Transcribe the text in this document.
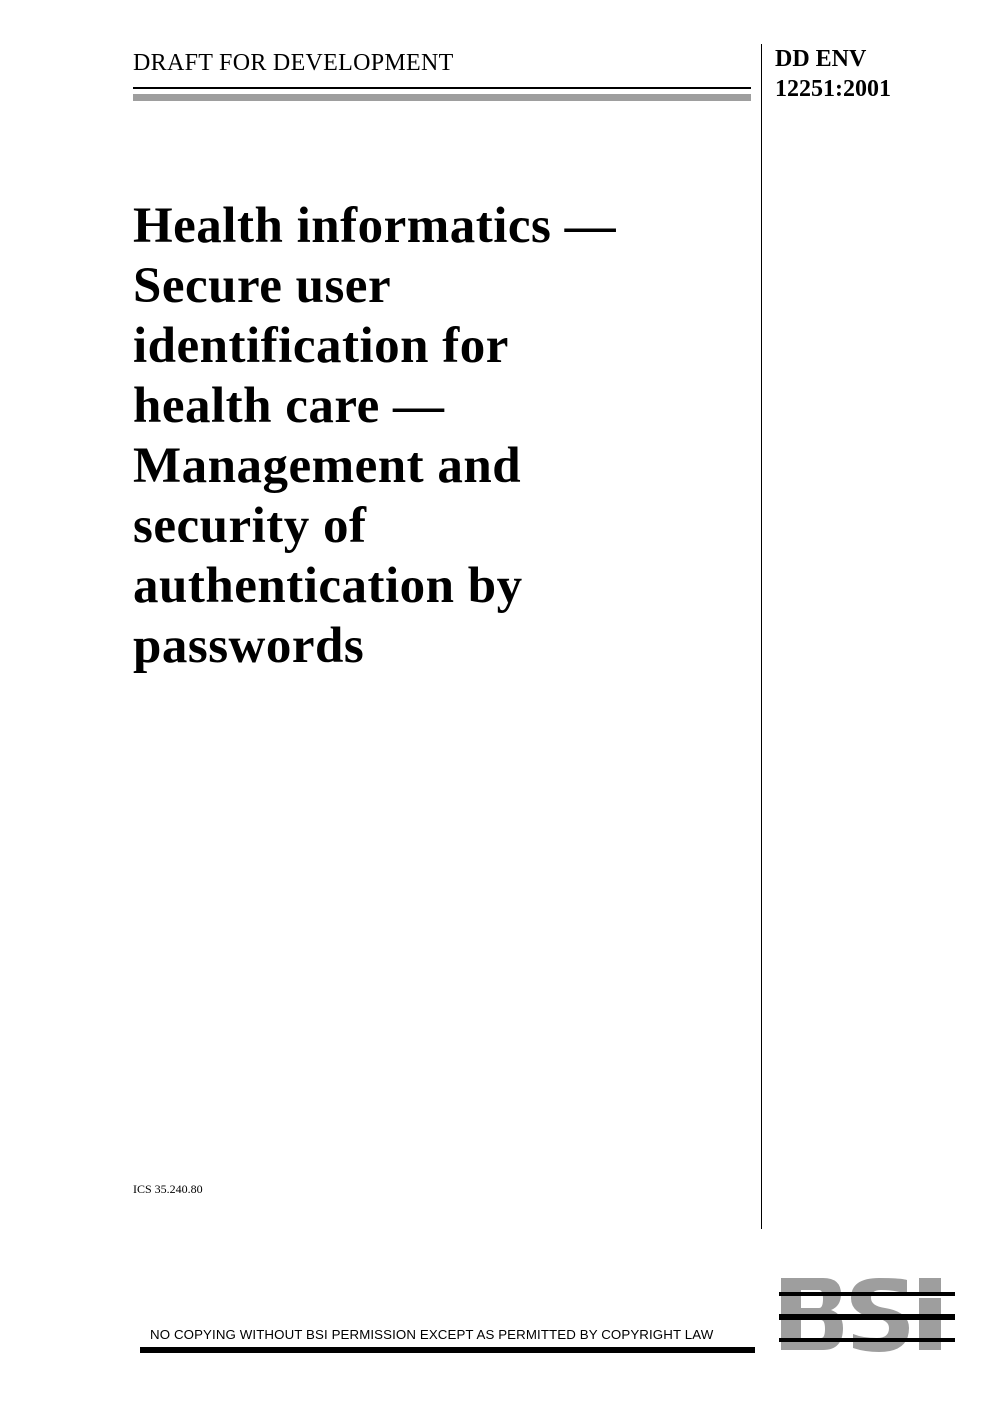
DRAFT FOR DEVELOPMENT	DD ENV
12251:2001
Health informatics —
Secure user
identification for
health care —
Management and
security of
authentication by
passwords
ICS 35.240.80
NO COPYING WITHOUT BSI PERMISSION EXCEPT AS PERMITTED BY COPYRIGHT LAW
